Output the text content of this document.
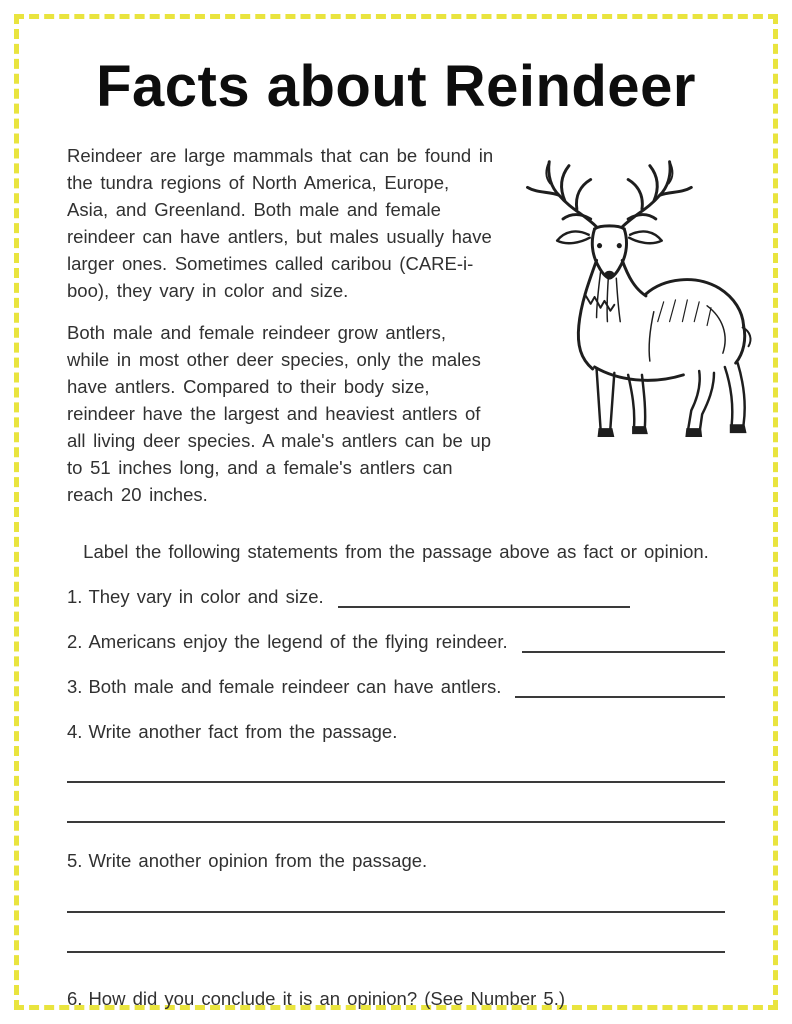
Facts about Reindeer

Reindeer are large mammals that can be found in the tundra regions of North America, Europe, Asia, and Greenland. Both male and female reindeer can have antlers, but males usually have larger ones. Sometimes called caribou (CARE-i-boo), they vary in color and size.

Both male and female reindeer grow antlers, while in most other deer species, only the males have antlers. Compared to their body size, reindeer have the largest and heaviest antlers of all living deer species. A male's antlers can be up to 51 inches long, and a female's antlers can reach 20 inches.

Label the following statements from the passage above as fact or opinion.

1. They vary in color and size.
2. Americans enjoy the legend of the flying reindeer.
3. Both male and female reindeer can have antlers.
4. Write another fact from the passage.
5. Write another opinion from the passage.
6. How did you conclude it is an opinion? (See Number 5.)
